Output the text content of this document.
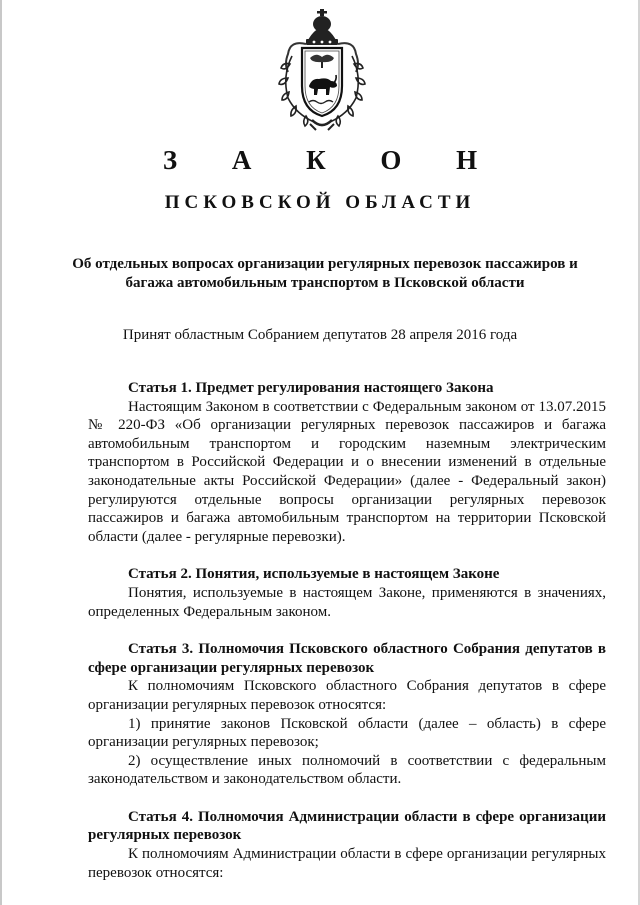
З А К О Н
ПСКОВСКОЙ ОБЛАСТИ
Об отдельных вопросах организации регулярных перевозок пассажиров и багажа автомобильным транспортом в Псковской области
Принят областным Собранием депутатов 28 апреля 2016 года
Статья 1. Предмет регулирования настоящего Закона

Настоящим Законом в соответствии с Федеральным законом от 13.07.2015 № 220-ФЗ «Об организации регулярных перевозок пассажиров и багажа автомобильным транспортом и городским наземным электрическим транспортом в Российской Федерации и о внесении изменений в отдельные законодательные акты Российской Федерации» (далее - Федеральный закон) регулируются отдельные вопросы организации регулярных перевозок пассажиров и багажа автомобильным транспортом на территории Псковской области (далее - регулярные перевозки).

Статья 2. Понятия, используемые в настоящем Законе

Понятия, используемые в настоящем Законе, применяются в значениях, определенных Федеральным законом.

Статья 3. Полномочия Псковского областного Собрания депутатов в сфере организации регулярных перевозок

К полномочиям Псковского областного Собрания депутатов в сфере организации регулярных перевозок относятся:

1) принятие законов Псковской области (далее – область) в сфере организации регулярных перевозок;

2) осуществление иных полномочий в соответствии с федеральным законодательством и законодательством области.

Статья 4. Полномочия Администрации области в сфере организации регулярных перевозок

К полномочиям Администрации области в сфере организации регулярных перевозок относятся:
